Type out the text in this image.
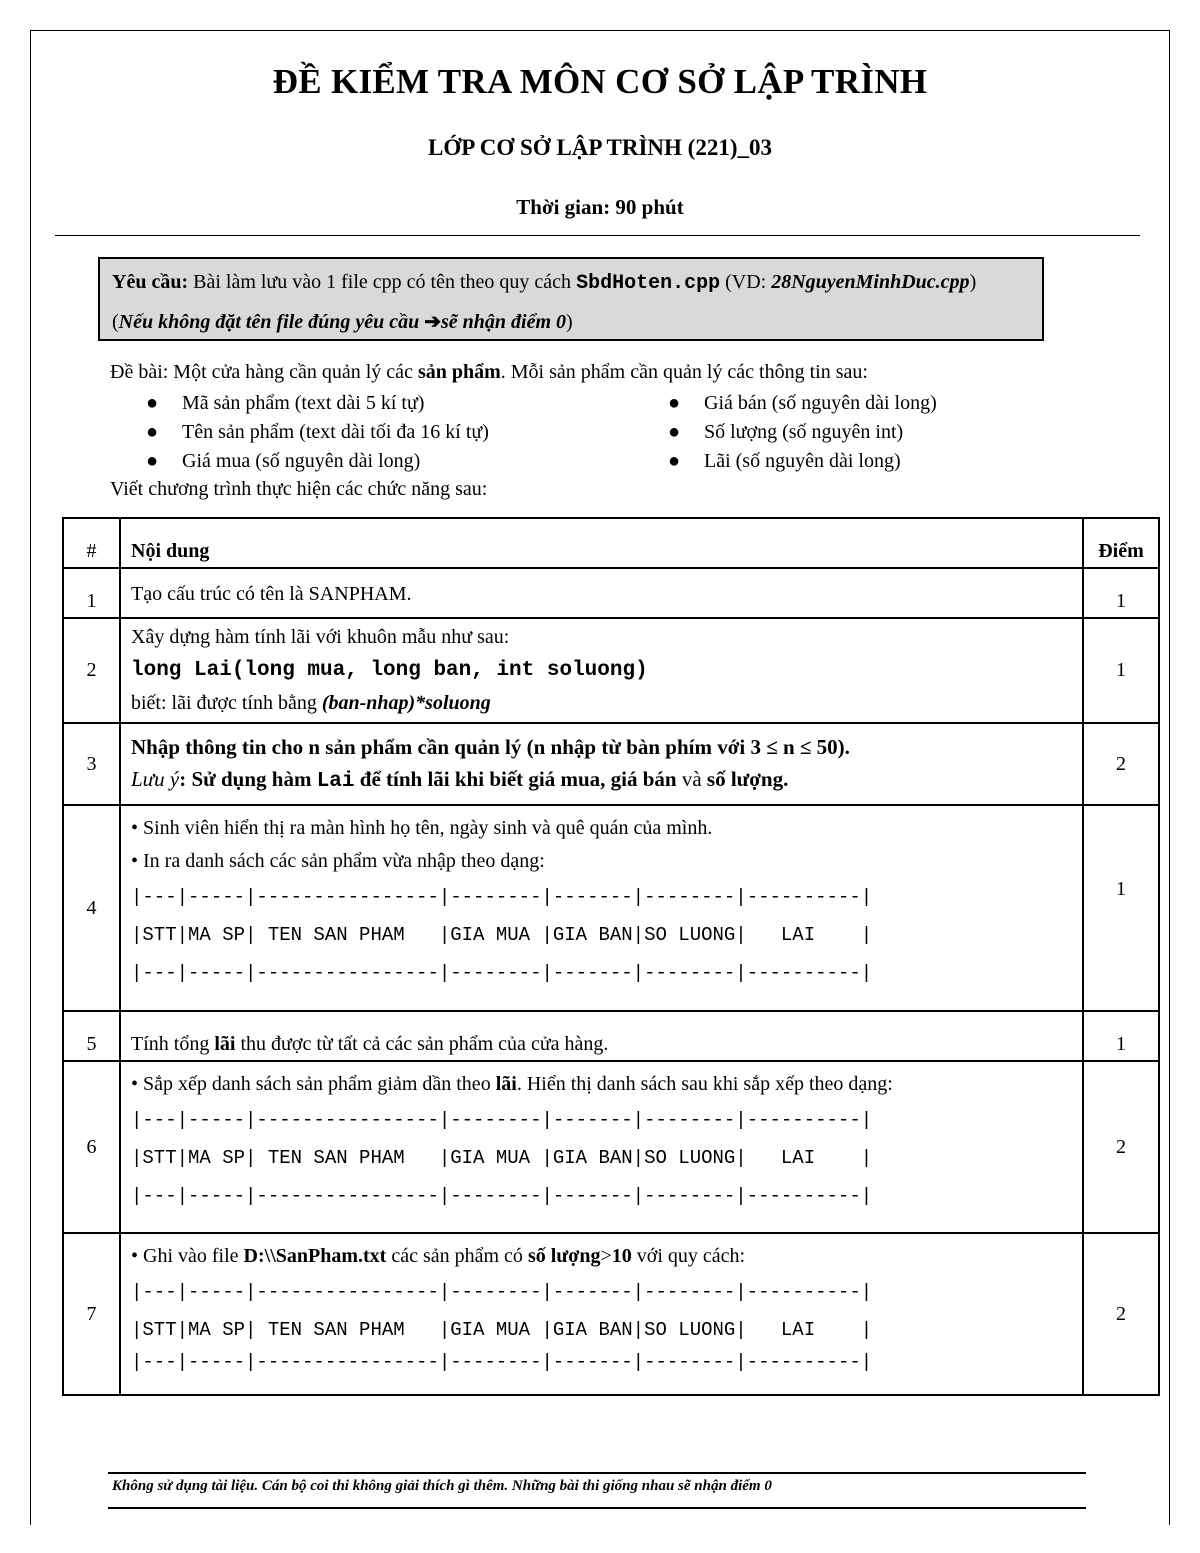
ĐỀ KIỂM TRA MÔN CƠ SỞ LẬP TRÌNH
LỚP CƠ SỞ LẬP TRÌNH (221)_03
Thời gian: 90 phút
Yêu cầu: Bài làm lưu vào 1 file cpp có tên theo quy cách SbdHoten.cpp (VD: 28NguyenMinhDuc.cpp)
(Nếu không đặt tên file đúng yêu cầu ➔sẽ nhận điểm 0)
Đề bài: Một cửa hàng cần quản lý các sản phẩm. Mỗi sản phẩm cần quản lý các thông tin sau:
● Mã sản phẩm (text dài 5 kí tự)
● Tên sản phẩm (text dài tối đa 16 kí tự)
● Giá mua (số nguyên dài long)
● Giá bán (số nguyên dài long)
● Số lượng (số nguyên int)
● Lãi (số nguyên dài long)
Viết chương trình thực hiện các chức năng sau:
#	Nội dung	Điểm
1	Tạo cấu trúc có tên là SANPHAM.	1
2	Xây dựng hàm tính lãi với khuôn mẫu như sau:
long Lai(long mua, long ban, int soluong)
biết: lãi được tính bằng (ban-nhap)*soluong	1
3	Nhập thông tin cho n sản phẩm cần quản lý (n nhập từ bàn phím với 3 ≤ n ≤ 50).
Lưu ý: Sử dụng hàm Lai để tính lãi khi biết giá mua, giá bán và số lượng.	2
4	• Sinh viên hiển thị ra màn hình họ tên, ngày sinh và quê quán của mình.
• In ra danh sách các sản phẩm vừa nhập theo dạng:
|---|-----|----------------|--------|-------|--------|----------|
|STT|MA SP| TEN SAN PHAM   |GIA MUA |GIA BAN|SO LUONG|   LAI    |
|---|-----|----------------|--------|-------|--------|----------|	1
5	Tính tổng lãi thu được từ tất cả các sản phẩm của cửa hàng.	1
6	• Sắp xếp danh sách sản phẩm giảm dần theo lãi. Hiển thị danh sách sau khi sắp xếp theo dạng:
|---|-----|----------------|--------|-------|--------|----------|
|STT|MA SP| TEN SAN PHAM   |GIA MUA |GIA BAN|SO LUONG|   LAI    |
|---|-----|----------------|--------|-------|--------|----------|	2
7	• Ghi vào file D:\\SanPham.txt các sản phẩm có số lượng>10 với quy cách:
|---|-----|----------------|--------|-------|--------|----------|
|STT|MA SP| TEN SAN PHAM   |GIA MUA |GIA BAN|SO LUONG|   LAI    |
|---|-----|----------------|--------|-------|--------|----------|	2
Không sử dụng tài liệu. Cán bộ coi thi không giải thích gì thêm. Những bài thi giống nhau sẽ nhận điểm 0
